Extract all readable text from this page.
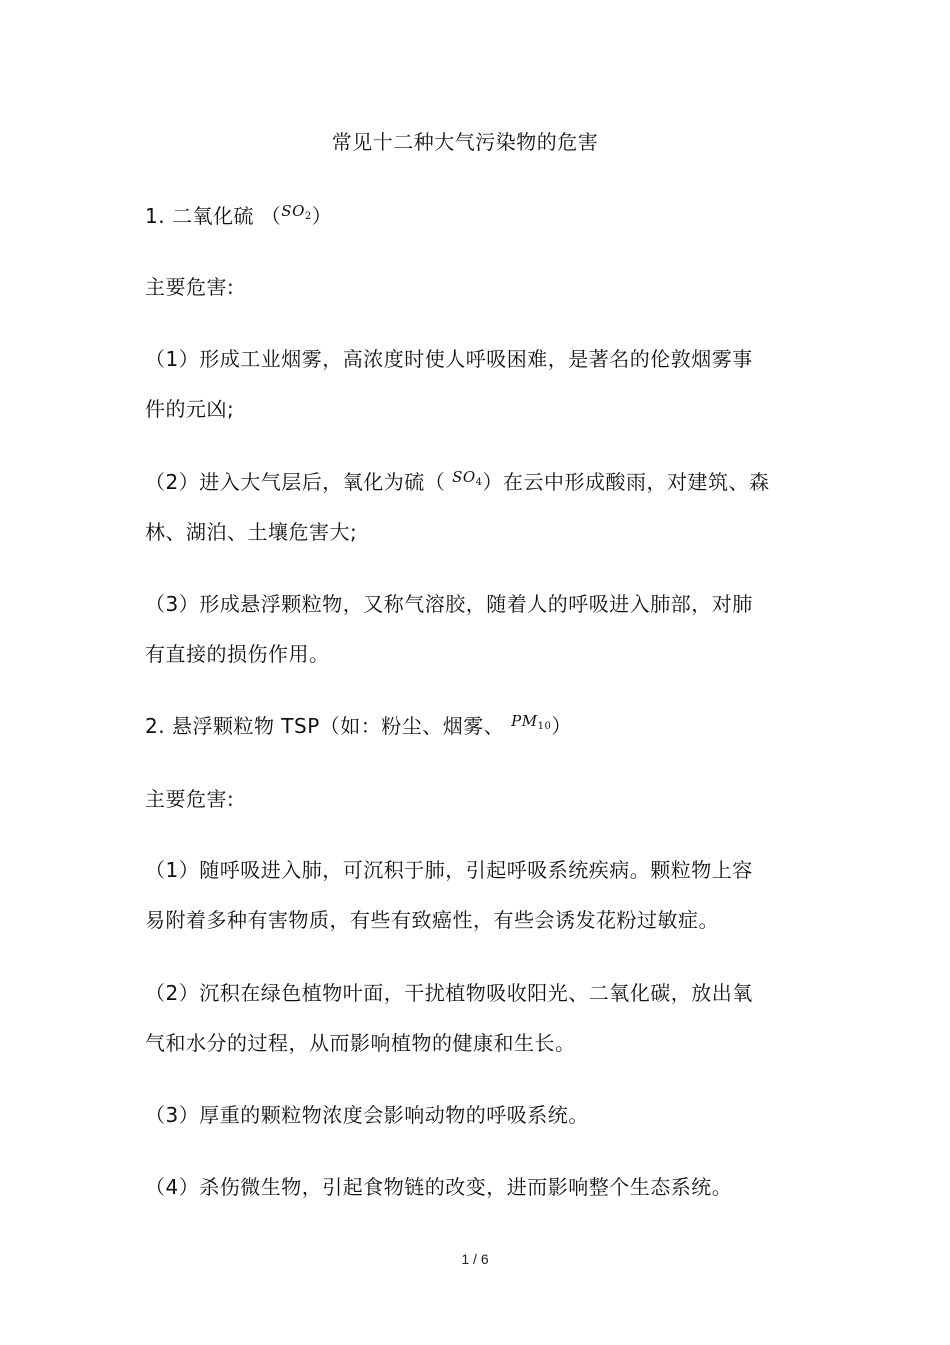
常见十二种大气污染物的危害
1. 二氧化硫 $(SO_2)$
主要危害:
（1）形成工业烟雾，高浓度时使人呼吸困难，是著名的伦敦烟雾事
件的元凶;
（2）进入大气层后，氧化为硫（ $SO_4$）在云中形成酸雨，对建筑、森
林、湖泊、土壤危害大;
（3）形成悬浮颗粒物，又称气溶胶，随着人的呼吸进入肺部，对肺
有直接的损伤作用。
2. 悬浮颗粒物 TSP（如：粉尘、烟雾、 $PM_{10}$）
主要危害:
（1）随呼吸进入肺，可沉积于肺，引起呼吸系统疾病。颗粒物上容
易附着多种有害物质，有些有致癌性，有些会诱发花粉过敏症。
（2）沉积在绿色植物叶面，干扰植物吸收阳光、二氧化碳，放出氧
气和水分的过程，从而影响植物的健康和生长。
（3）厚重的颗粒物浓度会影响动物的呼吸系统。
（4）杀伤微生物，引起食物链的改变，进而影响整个生态系统。
1 / 6
